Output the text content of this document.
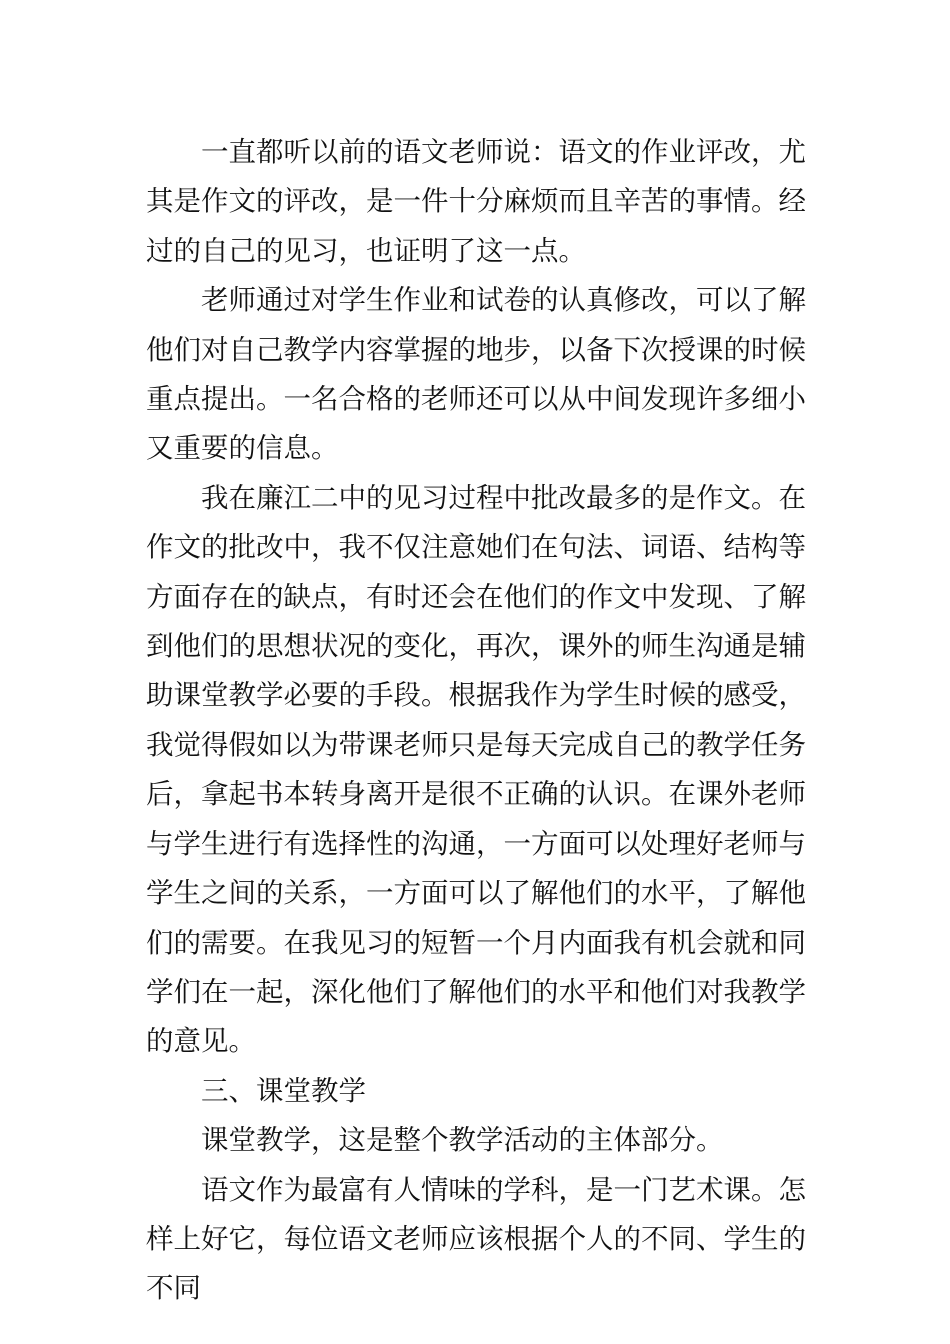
一直都听以前的语文老师说：语文的作业评改，尤其是作文的评改，是一件十分麻烦而且辛苦的事情。经过的自己的见习，也证明了这一点。

老师通过对学生作业和试卷的认真修改，可以了解他们对自己教学内容掌握的地步，以备下次授课的时候重点提出。一名合格的老师还可以从中间发现许多细小又重要的信息。

我在廉江二中的见习过程中批改最多的是作文。在作文的批改中，我不仅注意她们在句法、词语、结构等方面存在的缺点，有时还会在他们的作文中发现、了解到他们的思想状况的变化，再次，课外的师生沟通是辅助课堂教学必要的手段。根据我作为学生时候的感受，我觉得假如以为带课老师只是每天完成自己的教学任务后，拿起书本转身离开是很不正确的认识。在课外老师与学生进行有选择性的沟通，一方面可以处理好老师与学生之间的关系，一方面可以了解他们的水平，了解他们的需要。在我见习的短暂一个月内面我有机会就和同学们在一起，深化他们了解他们的水平和他们对我教学的意见。

三、课堂教学

课堂教学，这是整个教学活动的主体部分。

语文作为最富有人情味的学科，是一门艺术课。怎样上好它，每位语文老师应该根据个人的不同、学生的不同
